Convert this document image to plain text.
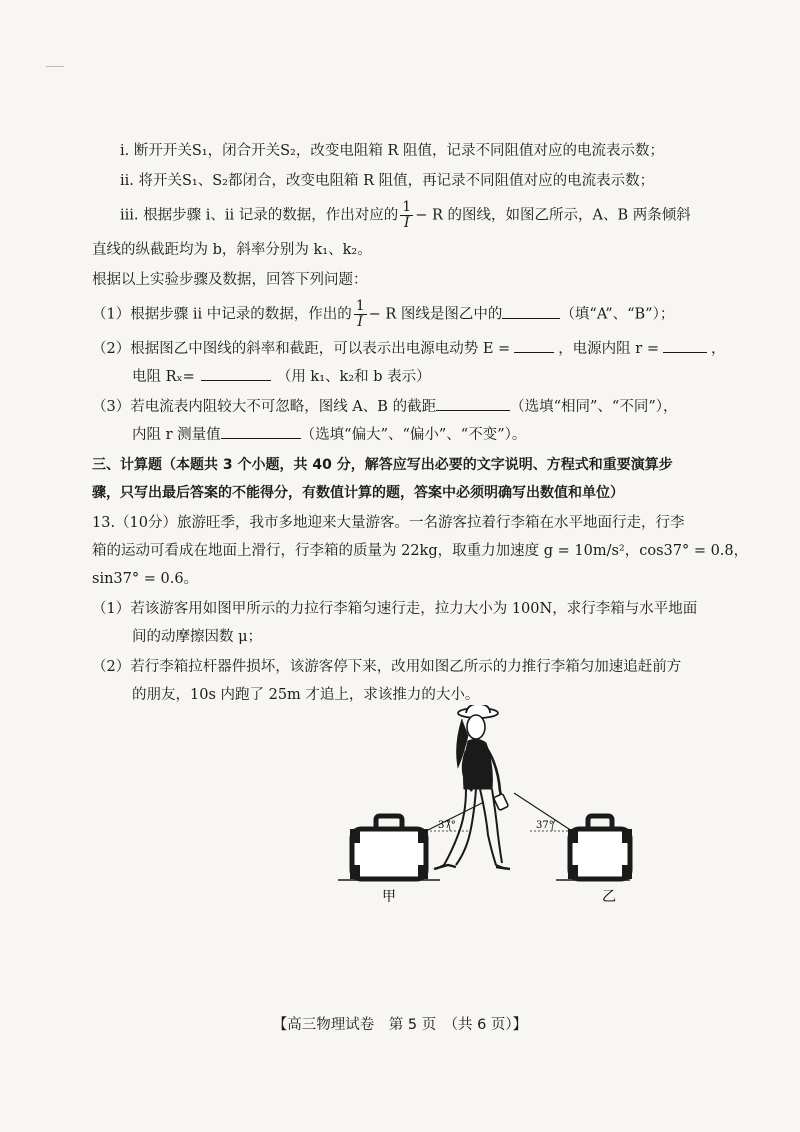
i. 断开开关S₁，闭合开关S₂，改变电阻箱 R 阻值，记录不同阻值对应的电流表示数；
ii. 将开关S₁、S₂都闭合，改变电阻箱 R 阻值，再记录不同阻值对应的电流表示数；
iii. 根据步骤 i、ii 记录的数据，作出对应的 $\frac{1}{I} - R$ 的图线，如图乙所示，A、B 两条倾斜
直线的纵截距均为 b，斜率分别为 k₁、k₂。
根据以上实验步骤及数据，回答下列问题：
（1）根据步骤 ii 中记录的数据，作出的 $\frac{1}{I} - R$ 图线是图乙中的	（填“A”、“B”）；
（2）根据图乙中图线的斜率和截距，可以表示出电源电动势 E =	，电源内阻 r =	，
电阻 Rₓ=	（用 k₁、k₂和 b 表示）
（3）若电流表内阻较大不可忽略，图线 A、B 的截距	（选填“相同”、“不同”），
内阻 r 测量值	（选填“偏大”、“偏小”、“不变”）。
三、计算题（本题共 3 个小题，共 40 分，解答应写出必要的文字说明、方程式和重要演算步
骤，只写出最后答案的不能得分，有数值计算的题，答案中必须明确写出数值和单位）
13.（10分）旅游旺季，我市多地迎来大量游客。一名游客拉着行李箱在水平地面行走，行李
箱的运动可看成在地面上滑行，行李箱的质量为 22kg，取重力加速度 g = 10m/s²，cos37° = 0.8，
sin37° = 0.6。
（1）若该游客用如图甲所示的力拉行李箱匀速行走，拉力大小为 100N，求行李箱与水平地面
间的动摩擦因数 μ；
（2）若行李箱拉杆器件损坏，该游客停下来，改用如图乙所示的力推行李箱匀加速追赶前方
的朋友，10s 内跑了 25m 才追上，求该推力的大小。
37°	37°
甲	乙
【高三物理试卷　第 5 页　（共 6 页）】
